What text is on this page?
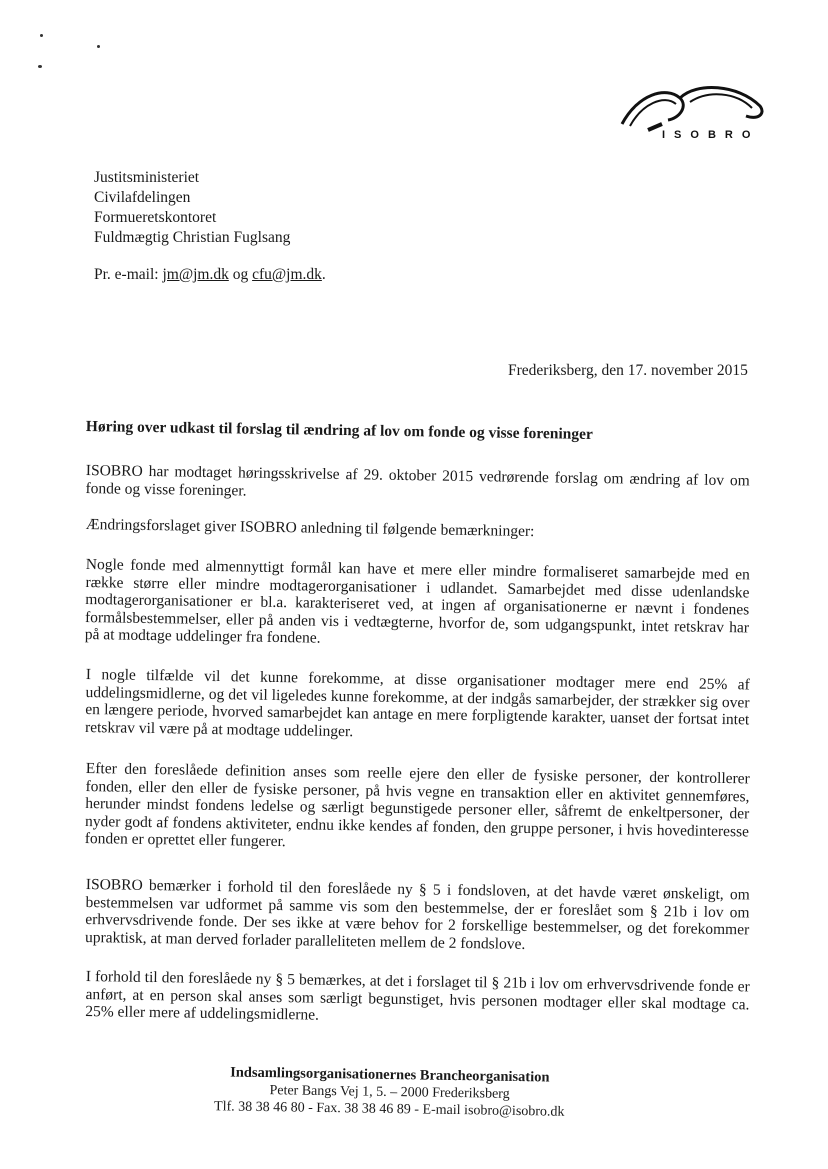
ISOBRO
Justitsministeriet
Civilafdelingen
Formueretskontoret
Fuldmægtig Christian Fuglsang
Pr. e-mail: jm@jm.dk og cfu@jm.dk.
Frederiksberg, den 17. november 2015
Høring over udkast til forslag til ændring af lov om fonde og visse foreninger
ISOBRO har modtaget høringsskrivelse af 29. oktober 2015 vedrørende forslag om ændring af lov om fonde og visse foreninger.
Ændringsforslaget giver ISOBRO anledning til følgende bemærkninger:
Nogle fonde med almennyttigt formål kan have et mere eller mindre formaliseret samarbejde med en række større eller mindre modtagerorganisationer i udlandet. Samarbejdet med disse udenlandske modtagerorganisationer er bl.a. karakteriseret ved, at ingen af organisationerne er nævnt i fondenes formålsbestemmelser, eller på anden vis i vedtægterne, hvorfor de, som udgangspunkt, intet retskrav har på at modtage uddelinger fra fondene.
I nogle tilfælde vil det kunne forekomme, at disse organisationer modtager mere end 25% af uddelingsmidlerne, og det vil ligeledes kunne forekomme, at der indgås samarbejder, der strækker sig over en længere periode, hvorved samarbejdet kan antage en mere forpligtende karakter, uanset der fortsat intet retskrav vil være på at modtage uddelinger.
Efter den foreslåede definition anses som reelle ejere den eller de fysiske personer, der kontrollerer fonden, eller den eller de fysiske personer, på hvis vegne en transaktion eller en aktivitet gennemføres, herunder mindst fondens ledelse og særligt begunstigede personer eller, såfremt de enkeltpersoner, der nyder godt af fondens aktiviteter, endnu ikke kendes af fonden, den gruppe personer, i hvis hovedinteresse fonden er oprettet eller fungerer.
ISOBRO bemærker i forhold til den foreslåede ny § 5 i fondsloven, at det havde været ønskeligt, om bestemmelsen var udformet på samme vis som den bestemmelse, der er foreslået som § 21b i lov om erhvervsdrivende fonde. Der ses ikke at være behov for 2 forskellige bestemmelser, og det forekommer upraktisk, at man derved forlader paralleliteten mellem de 2 fondslove.
I forhold til den foreslåede ny § 5 bemærkes, at det i forslaget til § 21b i lov om erhvervsdrivende fonde er anført, at en person skal anses som særligt begunstiget, hvis personen modtager eller skal modtage ca. 25% eller mere af uddelingsmidlerne.
Indsamlingsorganisationernes Brancheorganisation
Peter Bangs Vej 1, 5. – 2000 Frederiksberg
Tlf. 38 38 46 80 - Fax. 38 38 46 89 - E-mail isobro@isobro.dk
